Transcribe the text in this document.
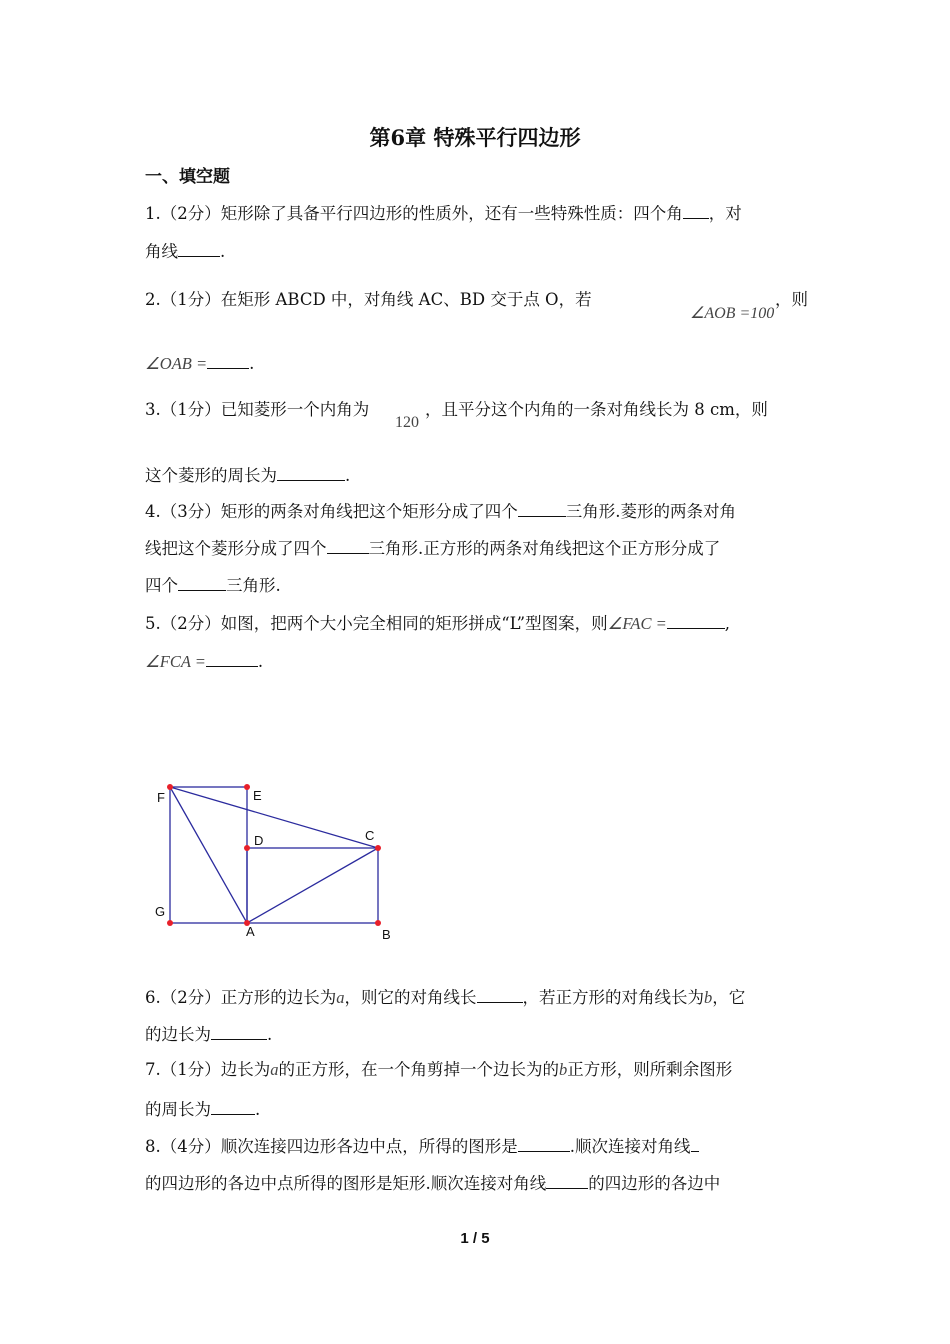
第6章 特殊平行四边形
一、填空题
1.（2分）矩形除了具备平行四边形的性质外，还有一些特殊性质：四个角 ，对
角线	.
2.（1分）在矩形 ABCD 中，对角线 AC、BD 交于点 O，若
∠AOB =100
，则
∠OAB =	.
3.（1分）已知菱形一个内角为
120
，且平分这个内角的一条对角线长为 8 cm，则
这个菱形的周长为	.
4.（3分）矩形的两条对角线把这个矩形分成了四个	三角形.菱形的两条对角
线把这个菱形分成了四个	三角形.正方形的两条对角线把这个正方形分成了
四个	三角形.
5.（2分）如图，把两个大小完全相同的矩形拼成“L”型图案，则∠FAC =	,
∠FCA =	.
F	E
D	C
G
A	B
6.（2分）正方形的边长为a，则它的对角线长	，若正方形的对角线长为b，它
的边长为	.
7.（1分）边长为a的正方形，在一个角剪掉一个边长为的b正方形，则所剩余图形
的周长为	.
8.（4分）顺次连接四边形各边中点，所得的图形是	.顺次连接对角线
的四边形的各边中点所得的图形是矩形.顺次连接对角线	的四边形的各边中
1 / 5
